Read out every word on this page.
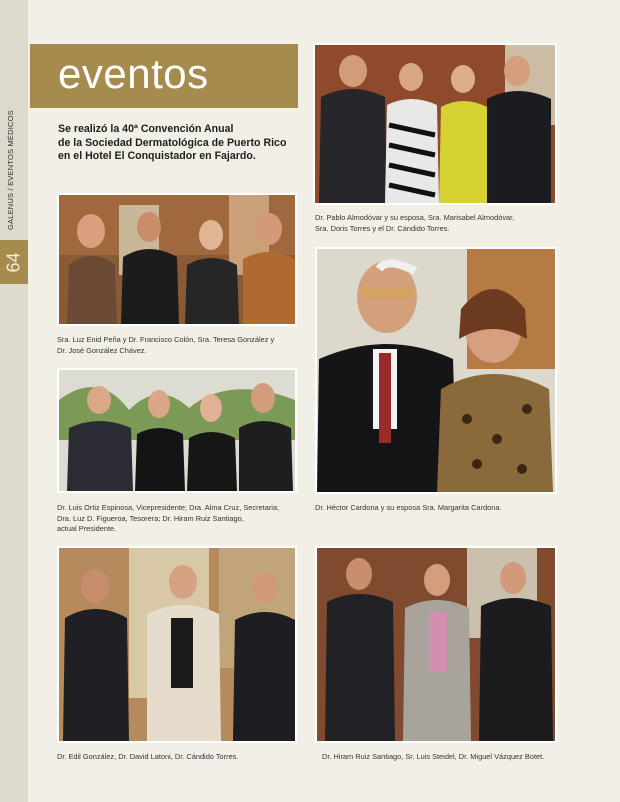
GALENUS / EVENTOS MÉDICOS
64
eventos
Se realizó la 40ª Convención Anual
de la Sociedad Dermatológica de Puerto Rico
en el Hotel El Conquistador en Fajardo.
Sra. Luz Enid Peña y Dr. Francisco Colón, Sra. Teresa González y
Dr. José González Chávez.
Dr. Luis Ortiz Espinosa, Vicepresidente; Dra. Alma Cruz, Secretaria;
Dra. Luz D. Figueroa, Tesorera; Dr. Hiram Ruiz Santiago,
actual Presidente.
Dr. Edil González, Dr. David Latoni, Dr. Cándido Torres.
Dr. Pablo Almodóvar y su esposa, Sra. Marisabel Almodóvar,
Sra. Doris Torres y el Dr. Cándido Torres.
Dr. Héctor Cardona y su esposa Sra. Margarita Cardona.
Dr. Hiram Ruiz Santiago, Sr. Luis Steidel, Dr. Miguel Vázquez Botet.
